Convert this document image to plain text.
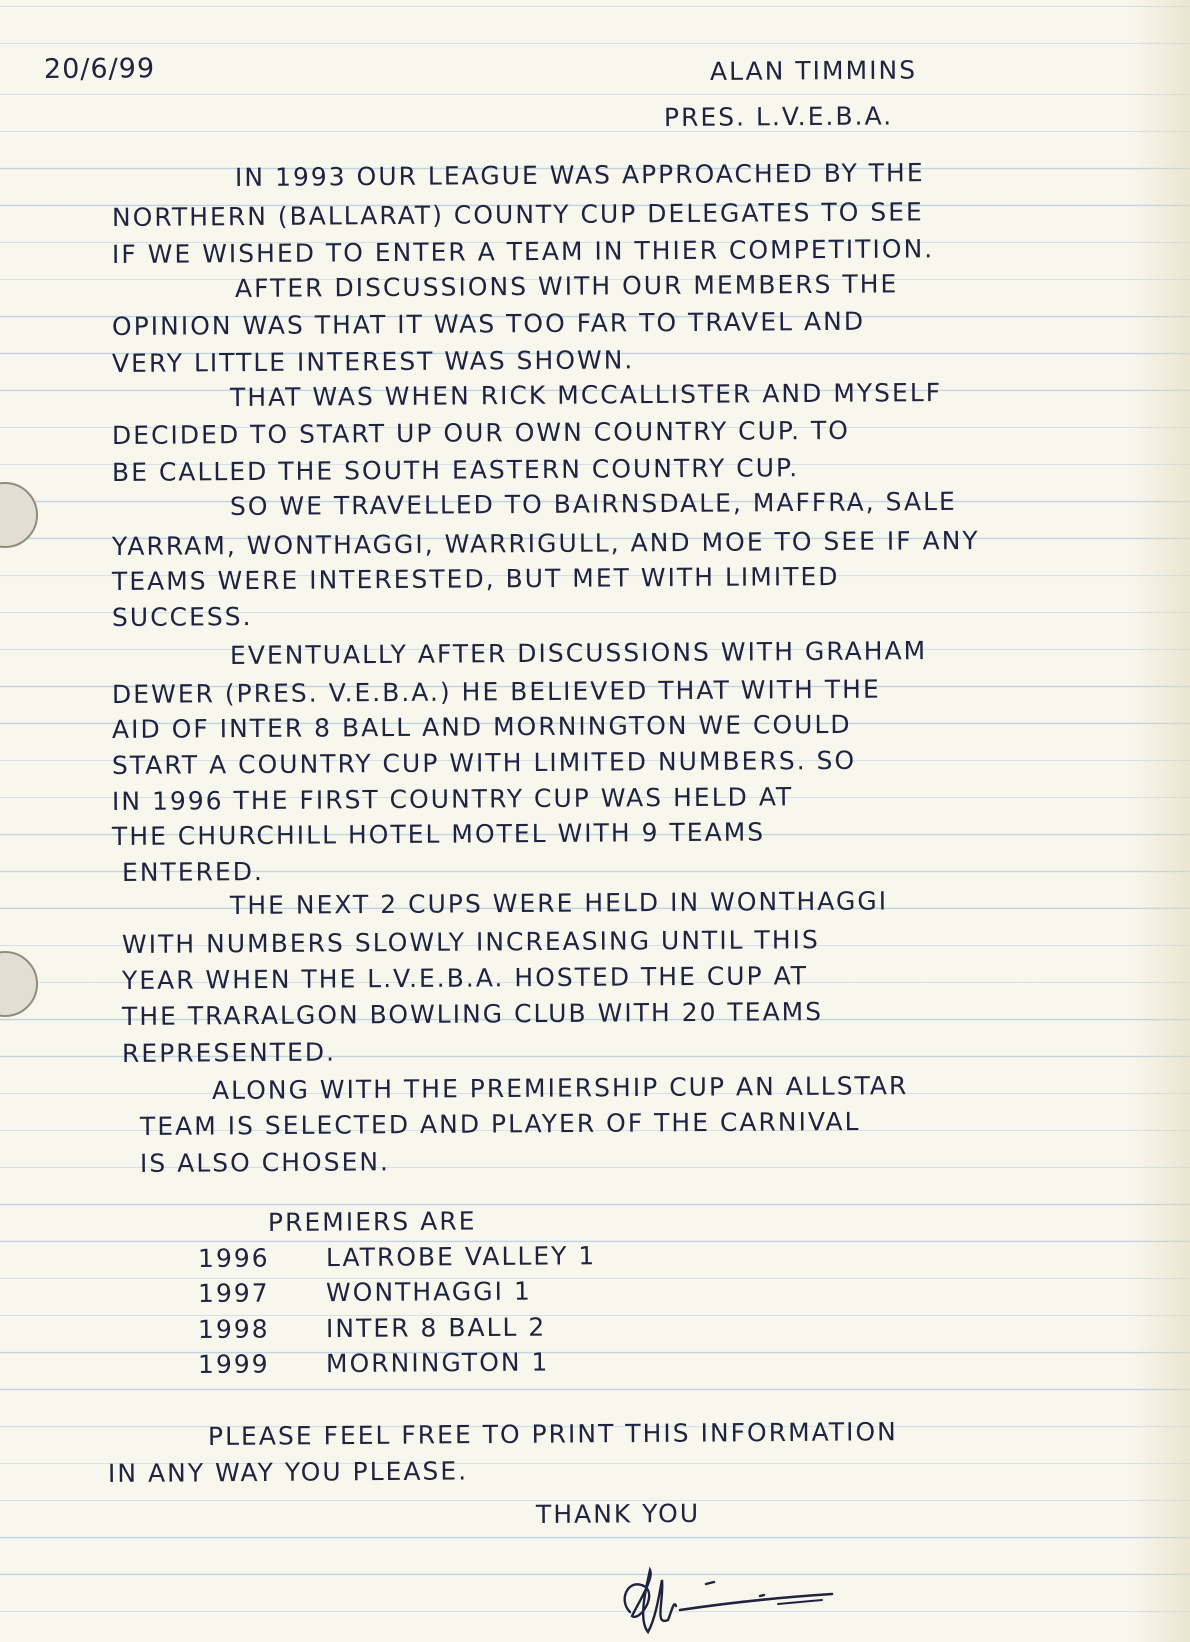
20/6/99	ALAN TIMMINS

PRES. L.V.E.B.A.

IN 1993 OUR LEAGUE WAS APPROACHED BY THE

NORTHERN (BALLARAT) COUNTY CUP DELEGATES TO SEE

IF WE WISHED TO ENTER A TEAM IN THIER COMPETITION.

AFTER DISCUSSIONS WITH OUR MEMBERS THE

OPINION WAS THAT IT WAS TOO FAR TO TRAVEL AND

VERY LITTLE INTEREST WAS SHOWN.

THAT WAS WHEN RICK MCCALLISTER AND MYSELF

DECIDED TO START UP OUR OWN COUNTRY CUP. TO

BE CALLED THE SOUTH EASTERN COUNTRY CUP.

SO WE TRAVELLED TO BAIRNSDALE, MAFFRA, SALE

YARRAM, WONTHAGGI, WARRIGULL, AND MOE TO SEE IF ANY

TEAMS WERE INTERESTED, BUT MET WITH LIMITED

SUCCESS.

EVENTUALLY AFTER DISCUSSIONS WITH GRAHAM

DEWER (PRES. V.E.B.A.) HE BELIEVED THAT WITH THE

AID OF INTER 8 BALL AND MORNINGTON WE COULD

START A COUNTRY CUP WITH LIMITED NUMBERS. SO

IN 1996 THE FIRST COUNTRY CUP WAS HELD AT

THE CHURCHILL HOTEL MOTEL WITH 9 TEAMS

ENTERED.

THE NEXT 2 CUPS WERE HELD IN WONTHAGGI

WITH NUMBERS SLOWLY INCREASING UNTIL THIS

YEAR WHEN THE L.V.E.B.A. HOSTED THE CUP AT

THE TRARALGON BOWLING CLUB WITH 20 TEAMS

REPRESENTED.

ALONG WITH THE PREMIERSHIP CUP AN ALLSTAR

TEAM IS SELECTED AND PLAYER OF THE CARNIVAL

IS ALSO CHOSEN.

PREMIERS ARE

1996 LATROBE VALLEY 1

1997 WONTHAGGI 1

1998 INTER 8 BALL 2

1999 MORNINGTON 1

PLEASE FEEL FREE TO PRINT THIS INFORMATION

IN ANY WAY YOU PLEASE.

THANK YOU
